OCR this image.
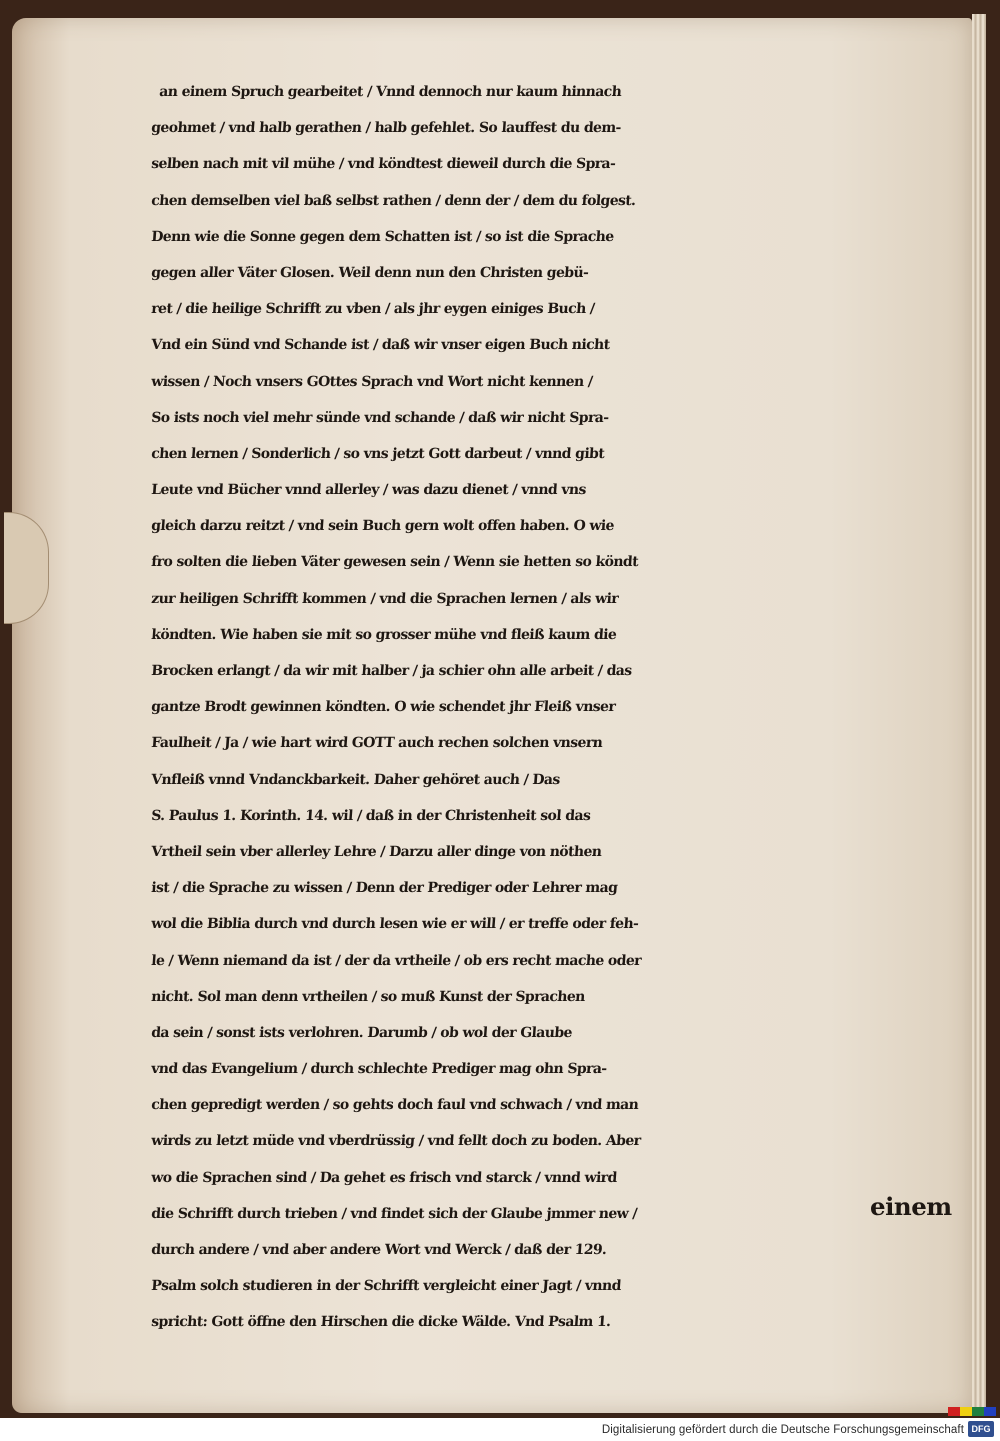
an einem Spruch gearbeitet / Vnnd dennoch nur kaum hinnach
geohmet / vnd halb gerathen / halb gefehlet. So lauffest du dem-
selben nach mit vil mühe / vnd köndtest dieweil durch die Spra-
chen demselben viel baß selbst rathen / denn der / dem du folgest.
Denn wie die Sonne gegen dem Schatten ist / so ist die Sprache
gegen aller Väter Glosen. Weil denn nun den Christen gebü-
ret / die heilige Schrifft zu vben / als jhr eygen einiges Buch /
Vnd ein Sünd vnd Schande ist / daß wir vnser eigen Buch nicht
wissen / Noch vnsers GOttes Sprach vnd Wort nicht kennen /
So ists noch viel mehr sünde vnd schande / daß wir nicht Spra-
chen lernen / Sonderlich / so vns jetzt Gott darbeut / vnnd gibt
Leute vnd Bücher vnnd allerley / was dazu dienet / vnnd vns
gleich darzu reitzt / vnd sein Buch gern wolt offen haben. O wie
fro solten die lieben Väter gewesen sein / Wenn sie hetten so köndt
zur heiligen Schrifft kommen / vnd die Sprachen lernen / als wir
köndten. Wie haben sie mit so grosser mühe vnd fleiß kaum die
Brocken erlangt / da wir mit halber / ja schier ohn alle arbeit / das
gantze Brodt gewinnen köndten. O wie schendet jhr Fleiß vnser
Faulheit / Ja / wie hart wird GOTT auch rechen solchen vnsern
Vnfleiß vnnd Vndanckbarkeit. Daher gehöret auch / Das
S. Paulus 1. Korinth. 14. wil / daß in der Christenheit sol das
Vrtheil sein vber allerley Lehre / Darzu aller dinge von nöthen
ist / die Sprache zu wissen / Denn der Prediger oder Lehrer mag
wol die Biblia durch vnd durch lesen wie er will / er treffe oder feh-
le / Wenn niemand da ist / der da vrtheile / ob ers recht mache oder
nicht. Sol man denn vrtheilen / so muß Kunst der Sprachen
da sein / sonst ists verlohren. Darumb / ob wol der Glaube
vnd das Evangelium / durch schlechte Prediger mag ohn Spra-
chen gepredigt werden / so gehts doch faul vnd schwach / vnd man
wirds zu letzt müde vnd vberdrüssig / vnd fellt doch zu boden. Aber
wo die Sprachen sind / Da gehet es frisch vnd starck / vnnd wird
die Schrifft durch trieben / vnd findet sich der Glaube jmmer new /
durch andere / vnd aber andere Wort vnd Werck / daß der 129.
Psalm solch studieren in der Schrifft vergleicht einer Jagt / vnnd
spricht: Gott öffne den Hirschen die dicke Wälde. Vnd Psalm 1.
einem
Digitalisierung gefördert durch die Deutsche Forschungsgemeinschaft DFG
